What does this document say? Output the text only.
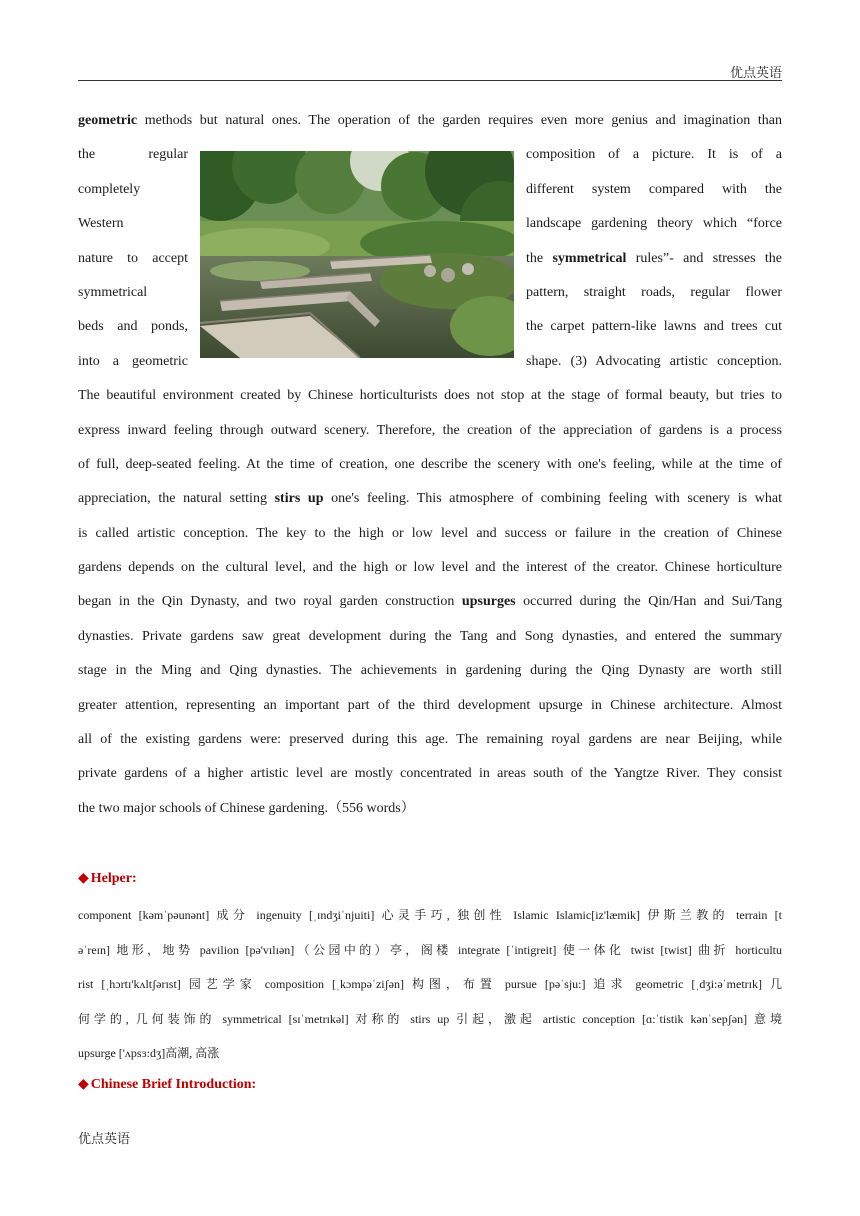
优点英语
geometric methods but natural ones. The operation of the garden requires even more genius and imagination than
the regular	composition of a picture. It is of a
completely	different system compared with the
Western	landscape gardening theory which “force
nature to accept	the symmetrical rules”- and stresses the
symmetrical	pattern, straight roads, regular flower
beds and ponds,	the carpet pattern-like lawns and trees cut
into a geometric	shape. (3) Advocating artistic conception.
The beautiful environment created by Chinese horticulturists does not stop at the stage of formal beauty, but tries to
express inward feeling through outward scenery. Therefore, the creation of the appreciation of gardens is a process
of full, deep-seated feeling. At the time of creation, one describe the scenery with one's feeling, while at the time of
appreciation, the natural setting stirs up one's feeling. This atmosphere of combining feeling with scenery is what
is called artistic conception. The key to the high or low level and success or failure in the creation of Chinese
gardens depends on the cultural level, and the high or low level and the interest of the creator. Chinese horticulture
began in the Qin Dynasty, and two royal garden construction upsurges occurred during the Qin/Han and Sui/Tang
dynasties. Private gardens saw great development during the Tang and Song dynasties, and entered the summary
stage in the Ming and Qing dynasties. The achievements in gardening during the Qing Dynasty are worth still
greater attention, representing an important part of the third development upsurge in Chinese architecture. Almost
all of the existing gardens were: preserved during this age. The remaining royal gardens are near Beijing, while
private gardens of a higher artistic level are mostly concentrated in areas south of the Yangtze River. They consist
the two major schools of Chinese gardening.（556 words）
◆ Helper:
component [kəmˈpəunənt] 成分 ingenuity [ˌɪndʒiˈnjuiti] 心灵手巧, 独创性 Islamic Islamic[iz'læmik] 伊斯兰教的 terrain [t
əˈreɪn] 地形，地势 pavilion [pə'vɪlɪən]（公园中的）亭，阁楼 integrate [ˈintigreit] 使一体化 twist [twist] 曲折 horticultu
rist [ˌhɔrtɪ'kʌltʃərɪst] 园艺学家 composition [ˌkɔmpəˈziʃən] 构图，布置 pursue [pəˈsju:] 追求 geometric [ˌdʒi:əˈmetrɪk] 几
何学的, 几何装饰的 symmetrical [sɪˈmetrɪkəl] 对称的 stirs up 引起，激起 artistic conception [ɑ:ˈtistik kənˈsepʃən] 意境
upsurge ['ʌpsɜ:dʒ]高潮, 高涨
◆ Chinese Brief Introduction:
优点英语
